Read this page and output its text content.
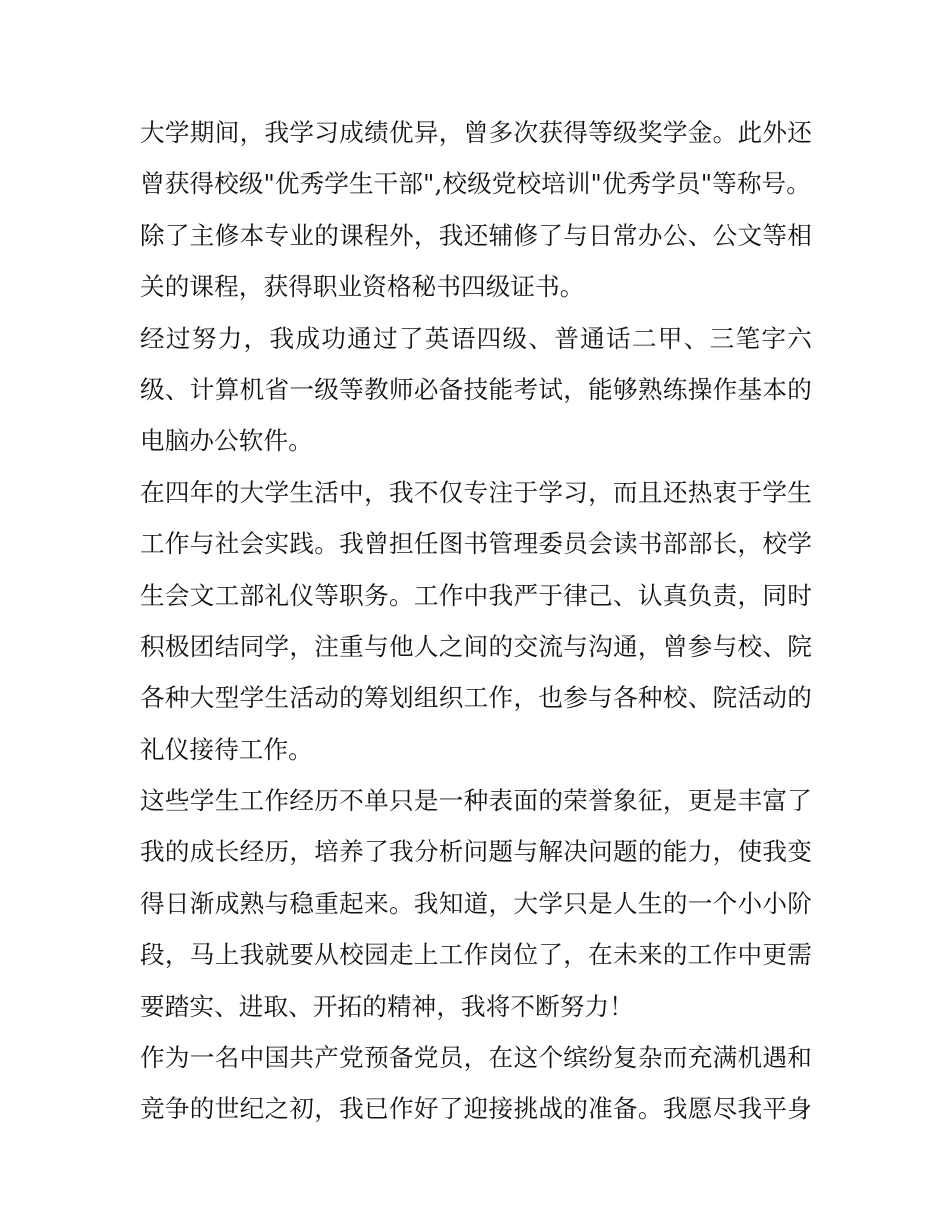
大学期间，我学习成绩优异，曾多次获得等级奖学金。此外还
曾获得校级"优秀学生干部",校级党校培训"优秀学员"等称号。
除了主修本专业的课程外，我还辅修了与日常办公、公文等相
关的课程，获得职业资格秘书四级证书。
经过努力，我成功通过了英语四级、普通话二甲、三笔字六
级、计算机省一级等教师必备技能考试，能够熟练操作基本的
电脑办公软件。
在四年的大学生活中，我不仅专注于学习，而且还热衷于学生
工作与社会实践。我曾担任图书管理委员会读书部部长，校学
生会文工部礼仪等职务。工作中我严于律己、认真负责，同时
积极团结同学，注重与他人之间的交流与沟通，曾参与校、院
各种大型学生活动的筹划组织工作，也参与各种校、院活动的
礼仪接待工作。
这些学生工作经历不单只是一种表面的荣誉象征，更是丰富了
我的成长经历，培养了我分析问题与解决问题的能力，使我变
得日渐成熟与稳重起来。我知道，大学只是人生的一个小小阶
段，马上我就要从校园走上工作岗位了，在未来的工作中更需
要踏实、进取、开拓的精神，我将不断努力！
作为一名中国共产党预备党员，在这个缤纷复杂而充满机遇和
竞争的世纪之初，我已作好了迎接挑战的准备。我愿尽我平身
